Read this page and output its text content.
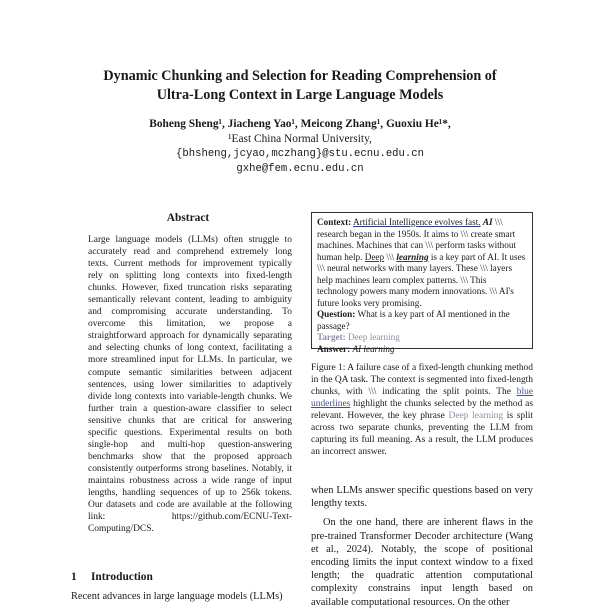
Dynamic Chunking and Selection for Reading Comprehension of
Ultra-Long Context in Large Language Models
Boheng Sheng¹, Jiacheng Yao¹, Meicong Zhang¹, Guoxiu He¹*,
¹East China Normal University,
{bhsheng,jcyao,mczhang}@stu.ecnu.edu.cn
gxhe@fem.ecnu.edu.cn
Abstract
Large language models (LLMs) often struggle to accurately read and comprehend extremely long texts. Current methods for improvement typically rely on splitting long contexts into fixed-length chunks. However, fixed truncation risks separating semantically relevant content, leading to ambiguity and compromising accurate understanding. To overcome this limitation, we propose a straightforward approach for dynamically separating and selecting chunks of long context, facilitating a more streamlined input for LLMs. In particular, we compute semantic similarities between adjacent sentences, using lower similarities to adaptively divide long contexts into variable-length chunks. We further train a question-aware classifier to select sensitive chunks that are critical for answering specific questions. Experimental results on both single-hop and multi-hop question-answering benchmarks show that the proposed approach consistently outperforms strong baselines. Notably, it maintains robustness across a wide range of input lengths, handling sequences of up to 256k tokens. Our datasets and code are available at the following link: https://github.com/ECNU-Text-Computing/DCS.
1 Introduction
Recent advances in large language models (LLMs)
Context: Artificial Intelligence evolves fast. AI \\\ research began in the 1950s. It aims to \\\ create smart machines. Machines that can \\\ perform tasks without human help. Deep \\\ learning is a key part of AI. It uses \\\ neural networks with many layers. These \\\ layers help machines learn complex patterns. \\\ This technology powers many modern innovations. \\\ AI's future looks very promising.
Question: What is a key part of AI mentioned in the passage?
Target: Deep learning
Answer: AI learning
Figure 1: A failure case of a fixed-length chunking method in the QA task. The context is segmented into fixed-length chunks, with \\\ indicating the split points. The blue underlines highlight the chunks selected by the method as relevant. However, the key phrase Deep learning is split across two separate chunks, preventing the LLM from capturing its full meaning. As a result, the LLM produces an incorrect answer.

when LLMs answer specific questions based on very lengthy texts.

On the one hand, there are inherent flaws in the pre-trained Transformer Decoder architecture (Wang et al., 2024). Notably, the scope of positional encoding limits the input context window to a fixed length; the quadratic attention computational complexity constrains input length based on available computational resources. On the other
